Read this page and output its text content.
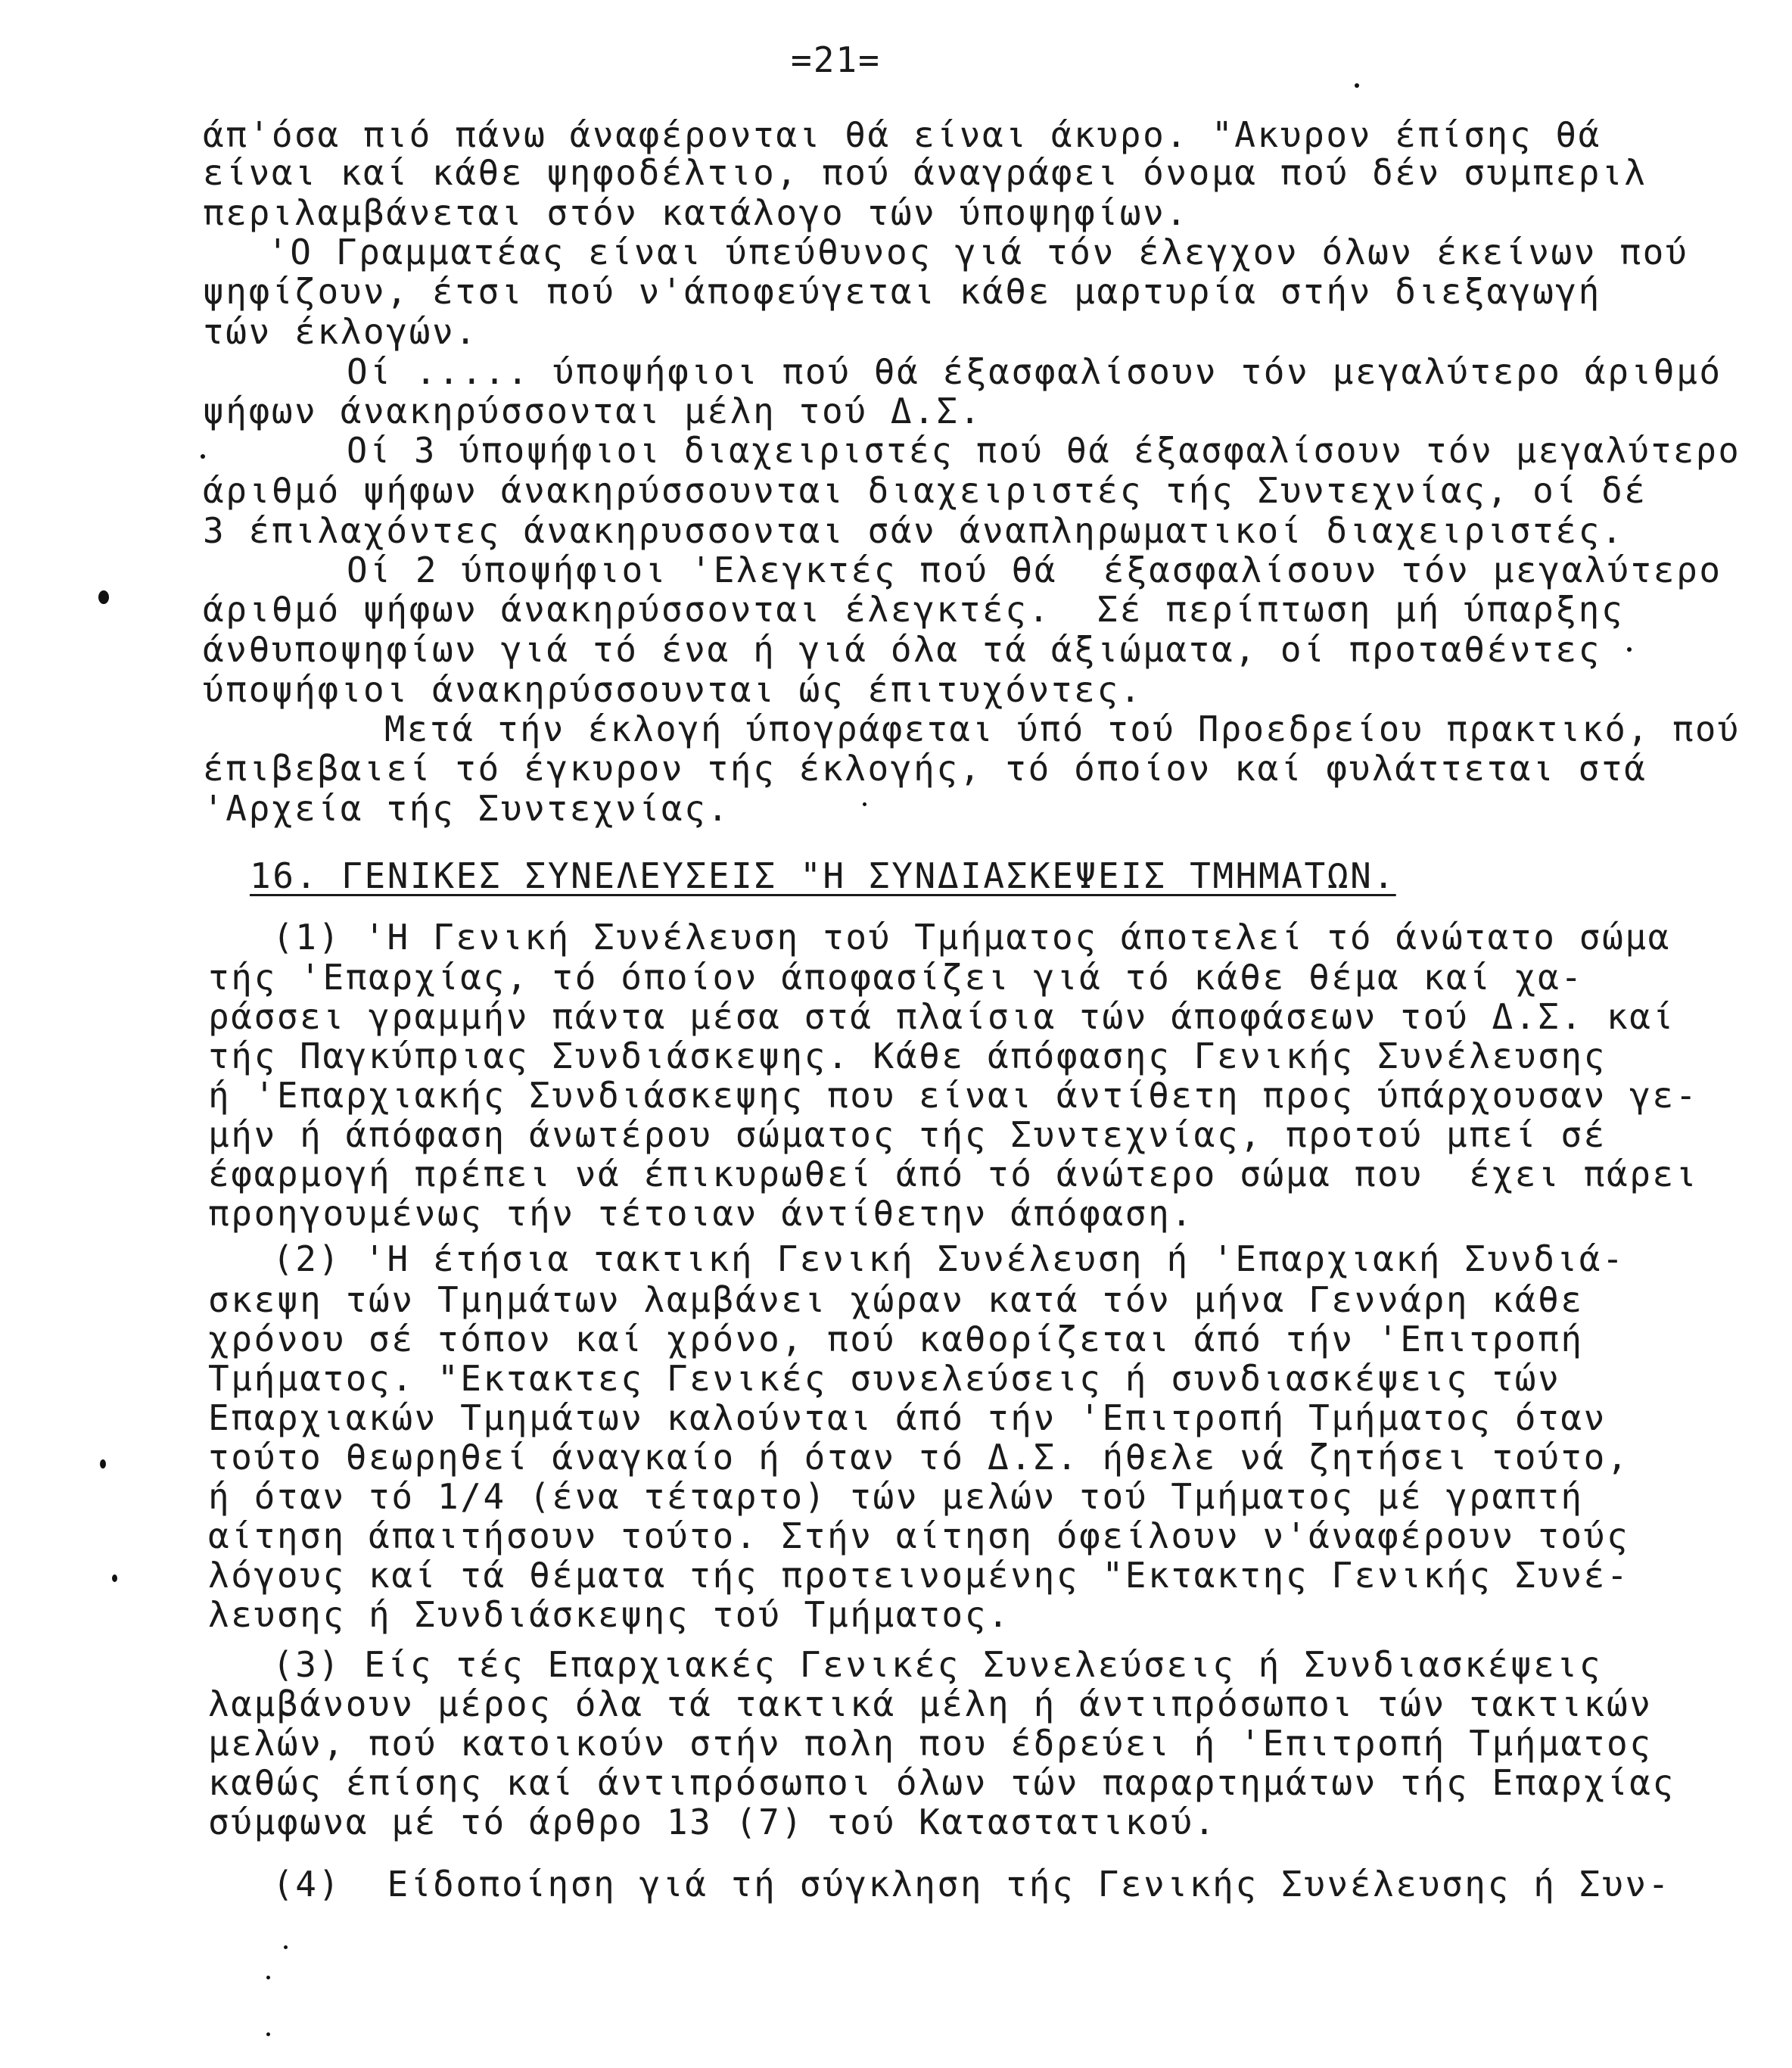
=21=
άπ'όσα πιό πάνω άναφέρονται θά είναι άκυρο. "Ακυρον έπίσης θά
είναι καί κάθε ψηφοδέλτιο, πού άναγράφει όνομα πού δέν συμπεριλ
περιλαμβάνεται στόν κατάλογο τών ύποψηφίων.
'Ο Γραμματέας είναι ύπεύθυνος γιά τόν έλεγχον όλων έκείνων πού
ψηφίζουν, έτσι πού ν'άποφεύγεται κάθε μαρτυρία στήν διεξαγωγή
τών έκλογών.
Οί ..... ύποψήφιοι πού θά έξασφαλίσουν τόν μεγαλύτερο άριθμό
ψήφων άνακηρύσσονται μέλη τού Δ.Σ.
Οί 3 ύποψήφιοι διαχειριστές πού θά έξασφαλίσουν τόν μεγαλύτερο
άριθμό ψήφων άνακηρύσσουνται διαχειριστές τής Συντεχνίας, οί δέ
3 έπιλαχόντες άνακηρυσσονται σάν άναπληρωματικοί διαχειριστές.
Οί 2 ύποψήφιοι 'Ελεγκτές πού θά  έξασφαλίσουν τόν μεγαλύτερο
άριθμό ψήφων άνακηρύσσονται έλεγκτές.  Σέ περίπτωση μή ύπαρξης
άνθυποψηφίων γιά τό ένα ή γιά όλα τά άξιώματα, οί προταθέντες
ύποψήφιοι άνακηρύσσουνται ώς έπιτυχόντες.
Μετά τήν έκλογή ύπογράφεται ύπό τού Προεδρείου πρακτικό, πού
έπιβεβαιεί τό έγκυρον τής έκλογής, τό όποίον καί φυλάττεται στά
'Αρχεία τής Συντεχνίας.
16. ΓΕΝΙΚΕΣ ΣΥΝΕΛΕΥΣΕΙΣ "Η ΣΥΝΔΙΑΣΚΕΨΕΙΣ ΤΜΗΜΑΤΩΝ.
(1) 'Η Γενική Συνέλευση τού Τμήματος άποτελεί τό άνώτατο σώμα
τής 'Επαρχίας, τό όποίον άποφασίζει γιά τό κάθε θέμα καί χα-
ράσσει γραμμήν πάντα μέσα στά πλαίσια τών άποφάσεων τού Δ.Σ. καί
τής Παγκύπριας Συνδιάσκεψης. Κάθε άπόφασης Γενικής Συνέλευσης
ή 'Επαρχιακής Συνδιάσκεψης που είναι άντίθετη προς ύπάρχουσαν γε-
μήν ή άπόφαση άνωτέρου σώματος τής Συντεχνίας, προτού μπεί σέ
έφαρμογή πρέπει νά έπικυρωθεί άπό τό άνώτερο σώμα που  έχει πάρει
προηγουμένως τήν τέτοιαν άντίθετην άπόφαση.
(2) 'Η έτήσια τακτική Γενική Συνέλευση ή 'Επαρχιακή Συνδιά-
σκεψη τών Τμημάτων λαμβάνει χώραν κατά τόν μήνα Γεννάρη κάθε
χρόνου σέ τόπον καί χρόνο, πού καθορίζεται άπό τήν 'Επιτροπή
Τμήματος. "Εκτακτες Γενικές συνελεύσεις ή συνδιασκέψεις τών
Επαρχιακών Τμημάτων καλούνται άπό τήν 'Επιτροπή Τμήματος όταν
τούτο θεωρηθεί άναγκαίο ή όταν τό Δ.Σ. ήθελε νά ζητήσει τούτο,
ή όταν τό 1/4 (ένα τέταρτο) τών μελών τού Τμήματος μέ γραπτή
αίτηση άπαιτήσουν τούτο. Στήν αίτηση όφείλουν ν'άναφέρουν τούς
λόγους καί τά θέματα τής προτεινομένης "Εκτακτης Γενικής Συνέ-
λευσης ή Συνδιάσκεψης τού Τμήματος.
(3) Είς τές Επαρχιακές Γενικές Συνελεύσεις ή Συνδιασκέψεις
λαμβάνουν μέρος όλα τά τακτικά μέλη ή άντιπρόσωποι τών τακτικών
μελών, πού κατοικούν στήν πολη που έδρεύει ή 'Επιτροπή Τμήματος
καθώς έπίσης καί άντιπρόσωποι όλων τών παραρτημάτων τής Επαρχίας
σύμφωνα μέ τό άρθρο 13 (7) τού Καταστατικού.
(4)  Είδοποίηση γιά τή σύγκληση τής Γενικής Συνέλευσης ή Συν-
